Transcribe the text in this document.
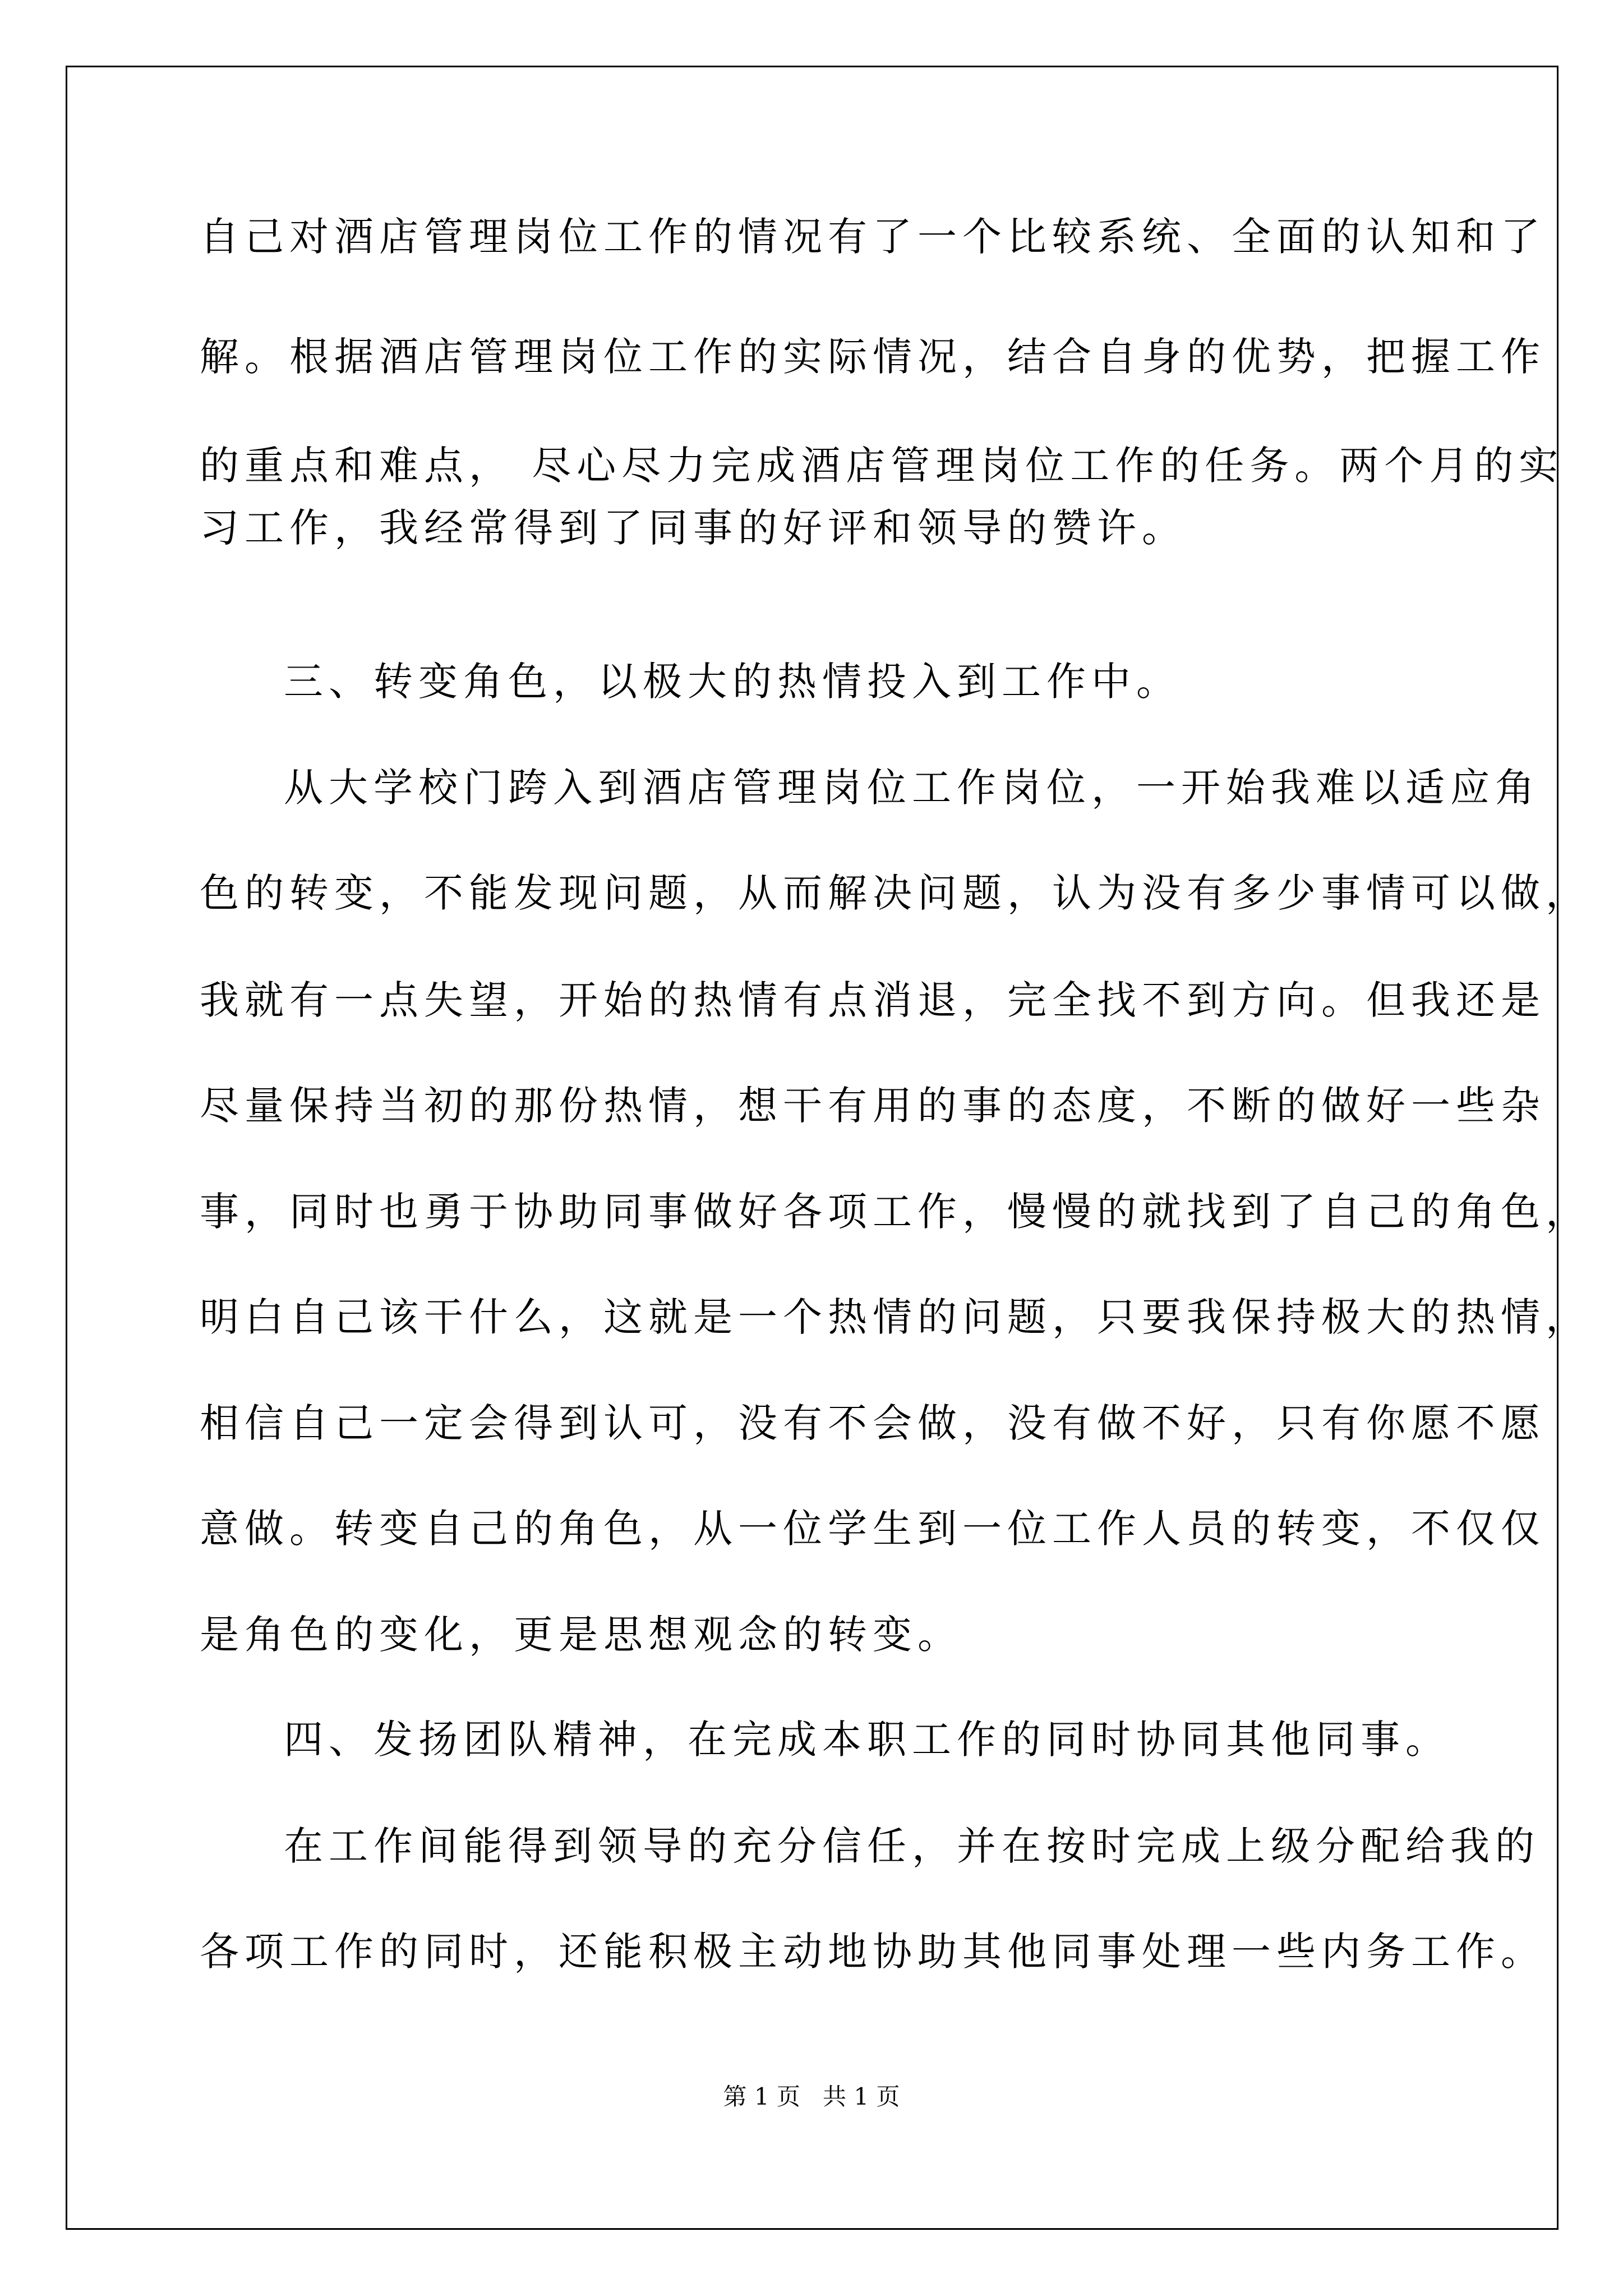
自己对酒店管理岗位工作的情况有了一个比较系统、全面的认知和了
解。根据酒店管理岗位工作的实际情况，结合自身的优势，把握工作
的重点和难点， 尽心尽力完成酒店管理岗位工作的任务。两个月的实
习工作，我经常得到了同事的好评和领导的赞许。
三、转变角色，以极大的热情投入到工作中。
从大学校门跨入到酒店管理岗位工作岗位，一开始我难以适应角
色的转变，不能发现问题，从而解决问题，认为没有多少事情可以做，
我就有一点失望，开始的热情有点消退，完全找不到方向。但我还是
尽量保持当初的那份热情，想干有用的事的态度，不断的做好一些杂
事，同时也勇于协助同事做好各项工作，慢慢的就找到了自己的角色，
明白自己该干什么，这就是一个热情的问题，只要我保持极大的热情，
相信自己一定会得到认可，没有不会做，没有做不好，只有你愿不愿
意做。转变自己的角色，从一位学生到一位工作人员的转变，不仅仅
是角色的变化，更是思想观念的转变。
四、发扬团队精神，在完成本职工作的同时协同其他同事。
在工作间能得到领导的充分信任，并在按时完成上级分配给我的
各项工作的同时，还能积极主动地协助其他同事处理一些内务工作。
第 1 页   共 1 页
